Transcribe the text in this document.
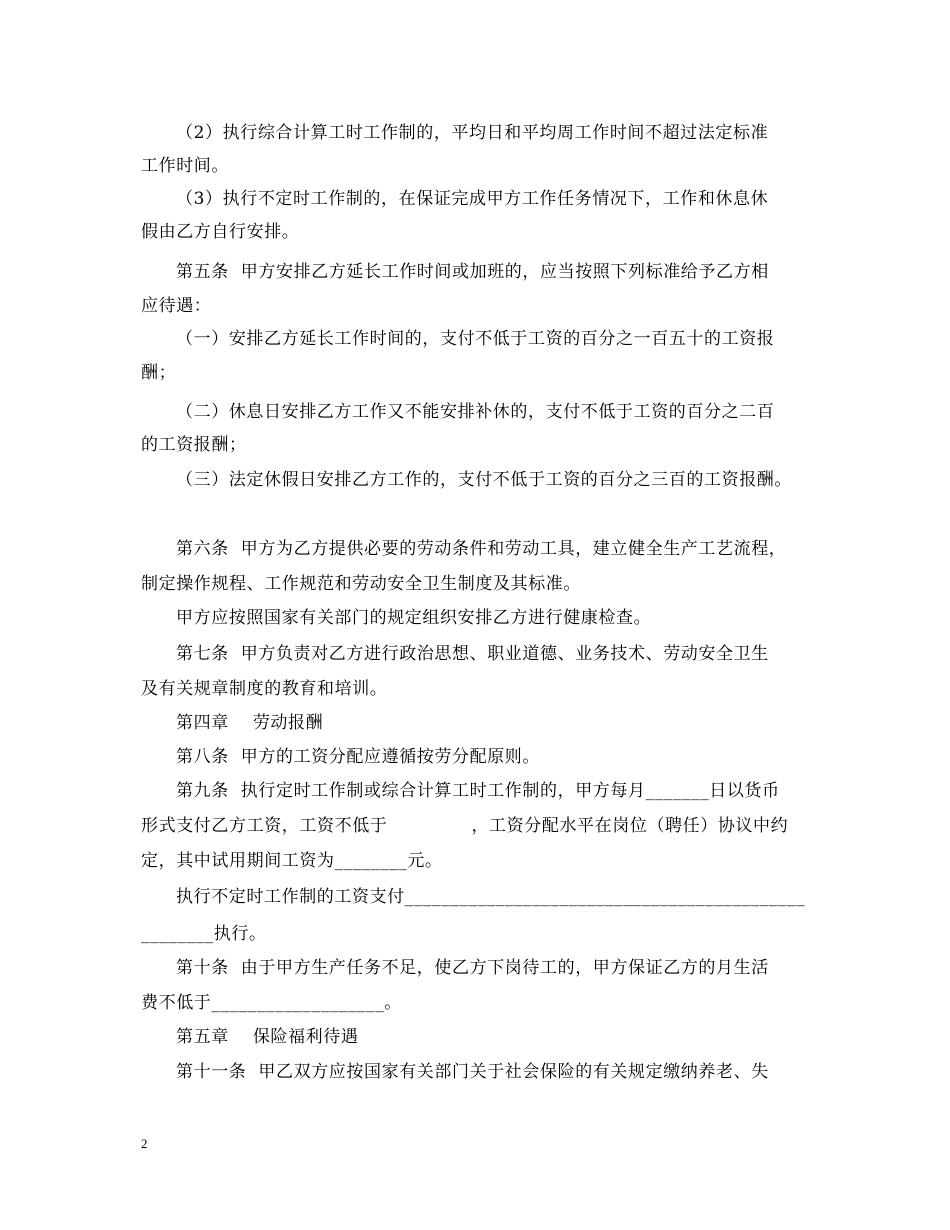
（2）执行综合计算工时工作制的，平均日和平均周工作时间不超过法定标准
工作时间。
（3）执行不定时工作制的，在保证完成甲方工作任务情况下，工作和休息休
假由乙方自行安排。
第五条  甲方安排乙方延长工作时间或加班的，应当按照下列标准给予乙方相
应待遇：
（一）安排乙方延长工作时间的，支付不低于工资的百分之一百五十的工资报
酬；
（二）休息日安排乙方工作又不能安排补休的，支付不低于工资的百分之二百
的工资报酬；
（三）法定休假日安排乙方工作的，支付不低于工资的百分之三百的工资报酬。
第六条  甲方为乙方提供必要的劳动条件和劳动工具，建立健全生产工艺流程，
制定操作规程、工作规范和劳动安全卫生制度及其标准。
甲方应按照国家有关部门的规定组织安排乙方进行健康检查。
第七条  甲方负责对乙方进行政治思想、职业道德、业务技术、劳动安全卫生
及有关规章制度的教育和培训。
第四章    劳动报酬
第八条  甲方的工资分配应遵循按劳分配原则。
第九条  执行定时工作制或综合计算工时工作制的，甲方每月_______日以货币
形式支付乙方工资，工资不低于              ，工资分配水平在岗位（聘任）协议中约
定，其中试用期间工资为________元。
执行不定时工作制的工资支付____________________________________________
________执行。
第十条  由于甲方生产任务不足，使乙方下岗待工的，甲方保证乙方的月生活
费不低于___________________。
第五章    保险福利待遇
第十一条  甲乙双方应按国家有关部门关于社会保险的有关规定缴纳养老、失
2
